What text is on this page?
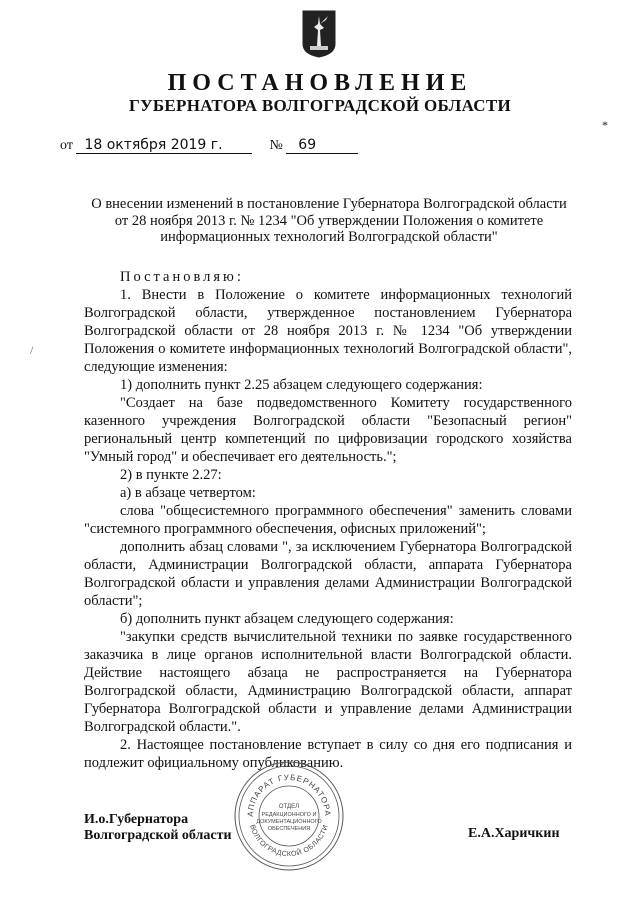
ПОСТАНОВЛЕНИЕ
ГУБЕРНАТОРА ВОЛГОГРАДСКОЙ ОБЛАСТИ
*
/
от 18 октября 2019 г.	№ 69
О внесении изменений в постановление Губернатора Волгоградской области от 28 ноября 2013 г. № 1234 "Об утверждении Положения о комитете информационных технологий Волгоградской области"

Постановляю:

1. Внести в Положение о комитете информационных технологий Волгоградской области, утвержденное постановлением Губернатора Волгоградской области от 28 ноября 2013 г. № 1234 "Об утверждении Положения о комитете информационных технологий Волгоградской области", следующие изменения:

1) дополнить пункт 2.25 абзацем следующего содержания:

"Создает на базе подведомственного Комитету государственного казенного учреждения Волгоградской области "Безопасный регион" региональный центр компетенций по цифровизации городского хозяйства "Умный город" и обеспечивает его деятельность.";

2) в пункте 2.27:

а) в абзаце четвертом:

слова "общесистемного программного обеспечения" заменить словами "системного программного обеспечения, офисных приложений";

дополнить абзац словами ", за исключением Губернатора Волгоградской области, Администрации Волгоградской области, аппарата Губернатора Волгоградской области и управления делами Администрации Волгоградской области";

б) дополнить пункт абзацем следующего содержания:

"закупки средств вычислительной техники по заявке государственного заказчика в лице органов исполнительной власти Волгоградской области. Действие настоящего абзаца не распространяется на Губернатора Волгоградской области, Администрацию Волгоградской области, аппарат Губернатора Волгоградской области и управление делами Администрации Волгоградской области.".

2. Настоящее постановление вступает в силу со дня его подписания и подлежит официальному опубликованию.

АППАРАТ ГУБЕРНАТОРА
ВОЛГОГРАДСКОЙ ОБЛАСТИ
ОТДЕЛ
РЕДАКЦИОННОГО И
ДОКУМЕНТАЦИОННОГО
ОБЕСПЕЧЕНИЯ
И.о.Губернатора
Волгоградской области	Е.А.Харичкин
